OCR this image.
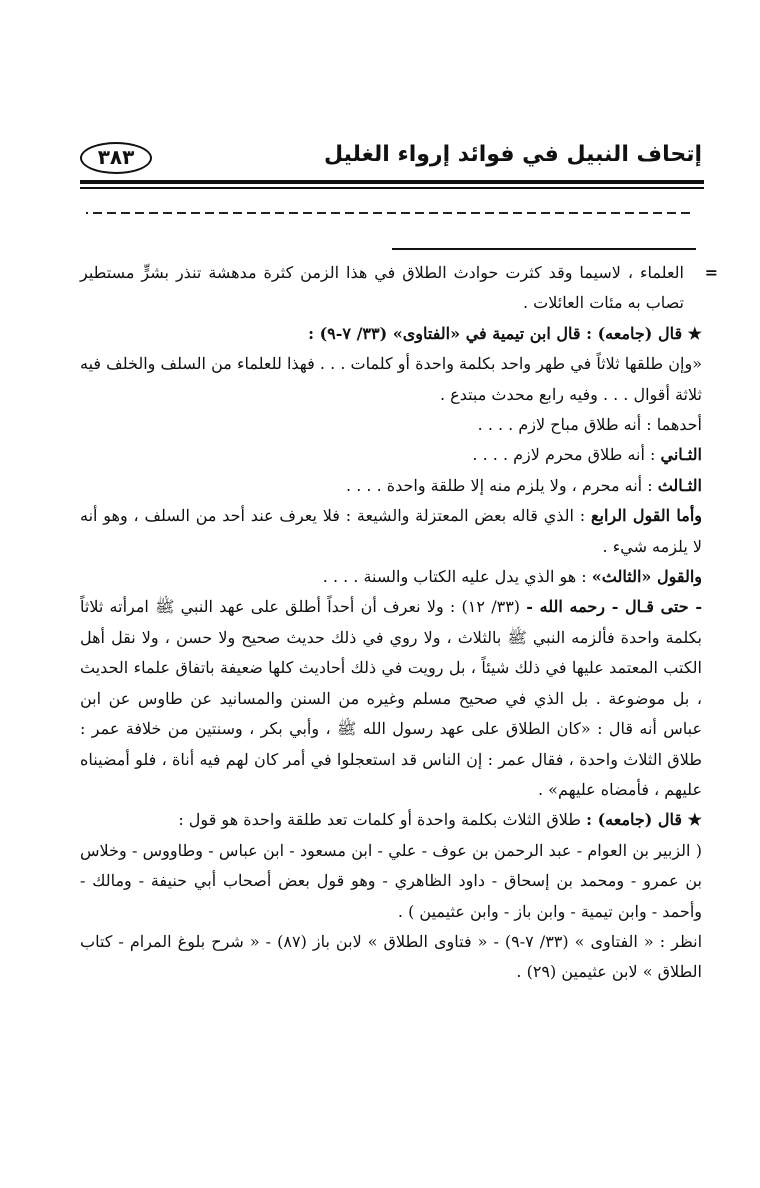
٣٨٣	إتحاف النبيل في فوائد إرواء الغليل

=
العلماء ، لاسيما وقد كثرت حوادث الطلاق في هذا الزمن كثرة مدهشة تنذر بشرٍّ مستطير تصاب به مئات العائلات .

★ قال (جامعه) : قال ابن تيمية في «الفتاوى» (٣٣/ ٧-٩) :

«وإن طلقها ثلاثاً في طهر واحد بكلمة واحدة أو كلمات . . . فهذا للعلماء من السلف والخلف فيه ثلاثة أقوال . . . وفيه رابع محدث مبتدع .

أحدهما : أنه طلاق مباح لازم . . . .

الثـاني : أنه طلاق محرم لازم . . . .

الثـالث : أنه محرم ، ولا يلزم منه إلا طلقة واحدة . . . .

وأما القول الرابع : الذي قاله بعض المعتزلة والشيعة : فلا يعرف عند أحد من السلف ، وهو أنه لا يلزمه شيء .

والقول «الثالث» : هو الذي يدل عليه الكتاب والسنة . . . .

- حتى قـال - رحمه الله - (٣٣/ ١٢) : ولا نعرف أن أحداً أطلق على عهد النبي ﷺ امرأته ثلاثاً بكلمة واحدة فألزمه النبي ﷺ بالثلاث ، ولا روي في ذلك حديث صحيح ولا حسن ، ولا نقل أهل الكتب المعتمد عليها في ذلك شيئاً ، بل رويت في ذلك أحاديث كلها ضعيفة باتفاق علماء الحديث ، بل موضوعة . بل الذي في صحيح مسلم وغيره من السنن والمسانيد عن طاوس عن ابن عباس أنه قال : «كان الطلاق على عهد رسول الله ﷺ ، وأبي بكر ، وسنتين من خلافة عمر : طلاق الثلاث واحدة ، فقال عمر : إن الناس قد استعجلوا في أمر كان لهم فيه أناة ، فلو أمضيناه عليهم ، فأمضاه عليهم» .

★ قال (جامعه) : طلاق الثلاث بكلمة واحدة أو كلمات تعد طلقة واحدة هو قول :

( الزبير بن العوام - عبد الرحمن بن عوف - علي - ابن مسعود - ابن عباس - وطاووس - وخلاس بن عمرو - ومحمد بن إسحاق - داود الظاهري - وهو قول بعض أصحاب أبي حنيفة - ومالك - وأحمد - وابن تيمية - وابن باز - وابن عثيمين ) .

انظر : « الفتاوى » (٣٣/ ٧-٩) - « فتاوى الطلاق » لابن باز (٨٧) - « شرح بلوغ المرام - كتاب الطلاق » لابن عثيمين (٢٩) .
